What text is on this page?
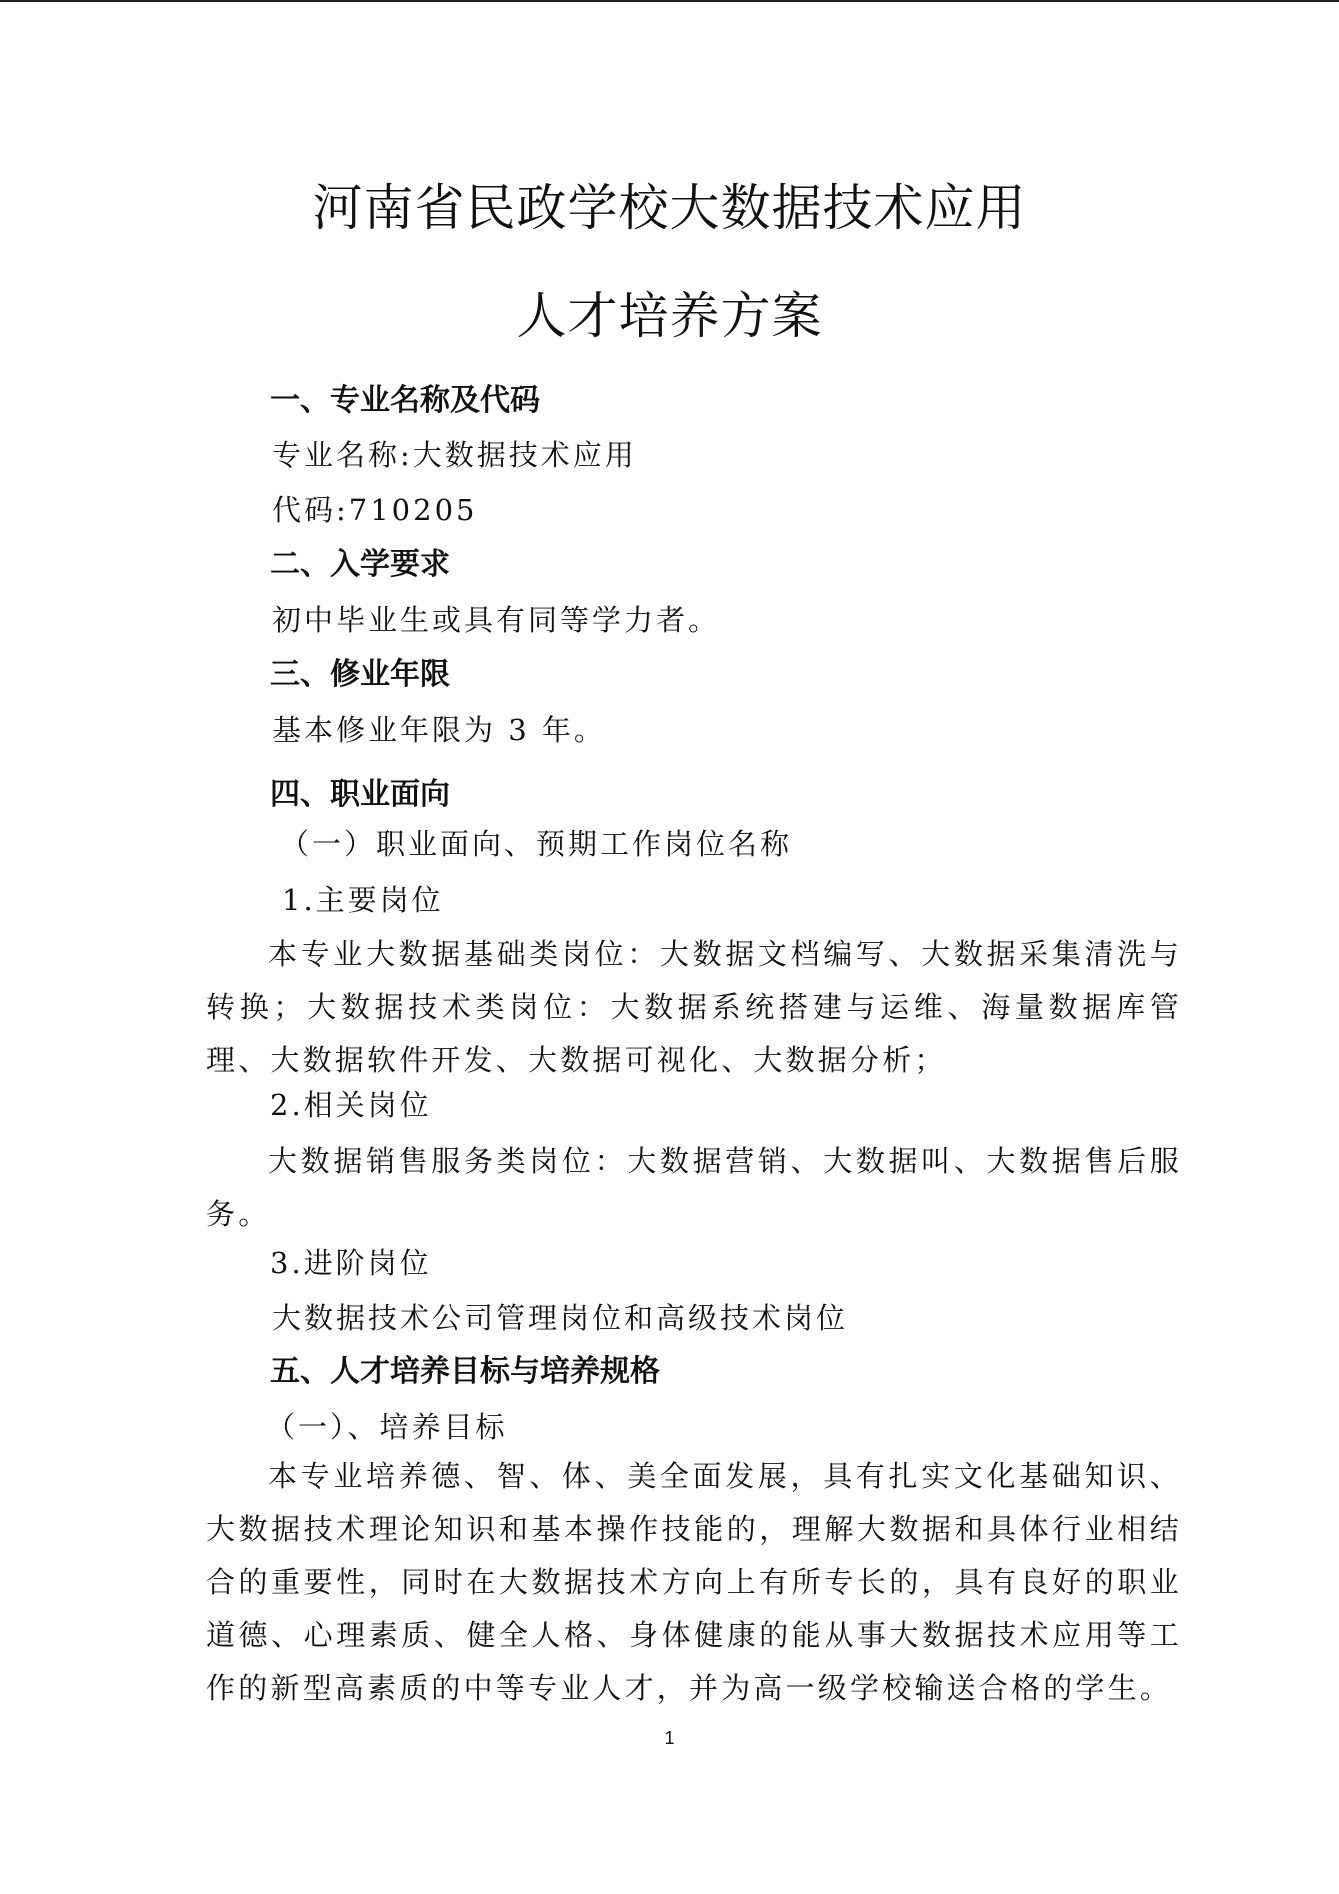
河南省民政学校大数据技术应用
人才培养方案
一、专业名称及代码
专业名称:大数据技术应用
代码:710205
二、入学要求
初中毕业生或具有同等学力者。
三、修业年限
基本修业年限为 3 年。
四、职业面向
（一）职业面向、预期工作岗位名称
1.主要岗位
本专业大数据基础类岗位：大数据文档编写、大数据采集清洗与转换；大数据技术类岗位：大数据系统搭建与运维、海量数据库管理、大数据软件开发、大数据可视化、大数据分析；
2.相关岗位
大数据销售服务类岗位：大数据营销、大数据叫、大数据售后服务。
3.进阶岗位
大数据技术公司管理岗位和高级技术岗位
五、人才培养目标与培养规格
（一）、培养目标
本专业培养德、智、体、美全面发展，具有扎实文化基础知识、大数据技术理论知识和基本操作技能的，理解大数据和具体行业相结合的重要性，同时在大数据技术方向上有所专长的，具有良好的职业道德、心理素质、健全人格、身体健康的能从事大数据技术应用等工作的新型高素质的中等专业人才，并为高一级学校输送合格的学生。
1
